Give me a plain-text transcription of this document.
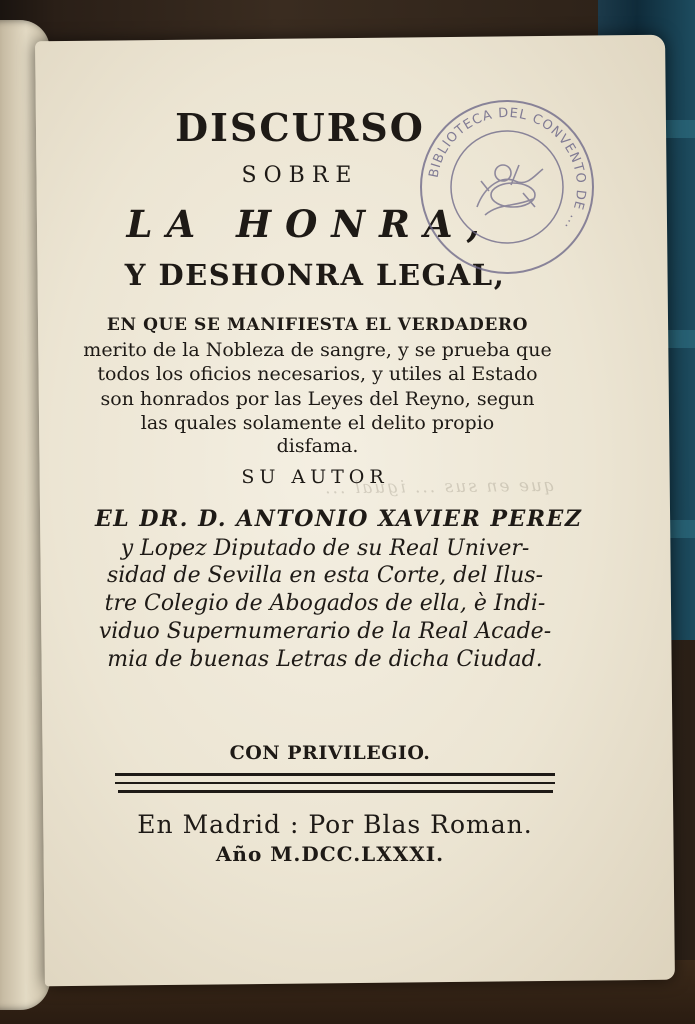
que en sus ... igual ...
DISCURSO
SOBRE
LA HONRA,
Y DESHONRA LEGAL,
EN QUE SE MANIFIESTA EL VERDADERO
merito de la Nobleza de sangre, y se prueba que
todos los oficios necesarios, y utiles al Estado
son honrados por las Leyes del Reyno, segun
las quales solamente el delito propio
disfama.
SU AUTOR
EL DR. D. ANTONIO XAVIER PEREZ
y Lopez Diputado de su Real Univer-
sidad de Sevilla en esta Corte, del Ilus-
tre Colegio de Abogados de ella, è Indi-
viduo Supernumerario de la Real Acade-
mia de buenas Letras de dicha Ciudad.
CON PRIVILEGIO.
En Madrid : Por Blas Roman.
Año M.DCC.LXXXI.
BIBLIOTECA DEL CONVENTO DE ...
